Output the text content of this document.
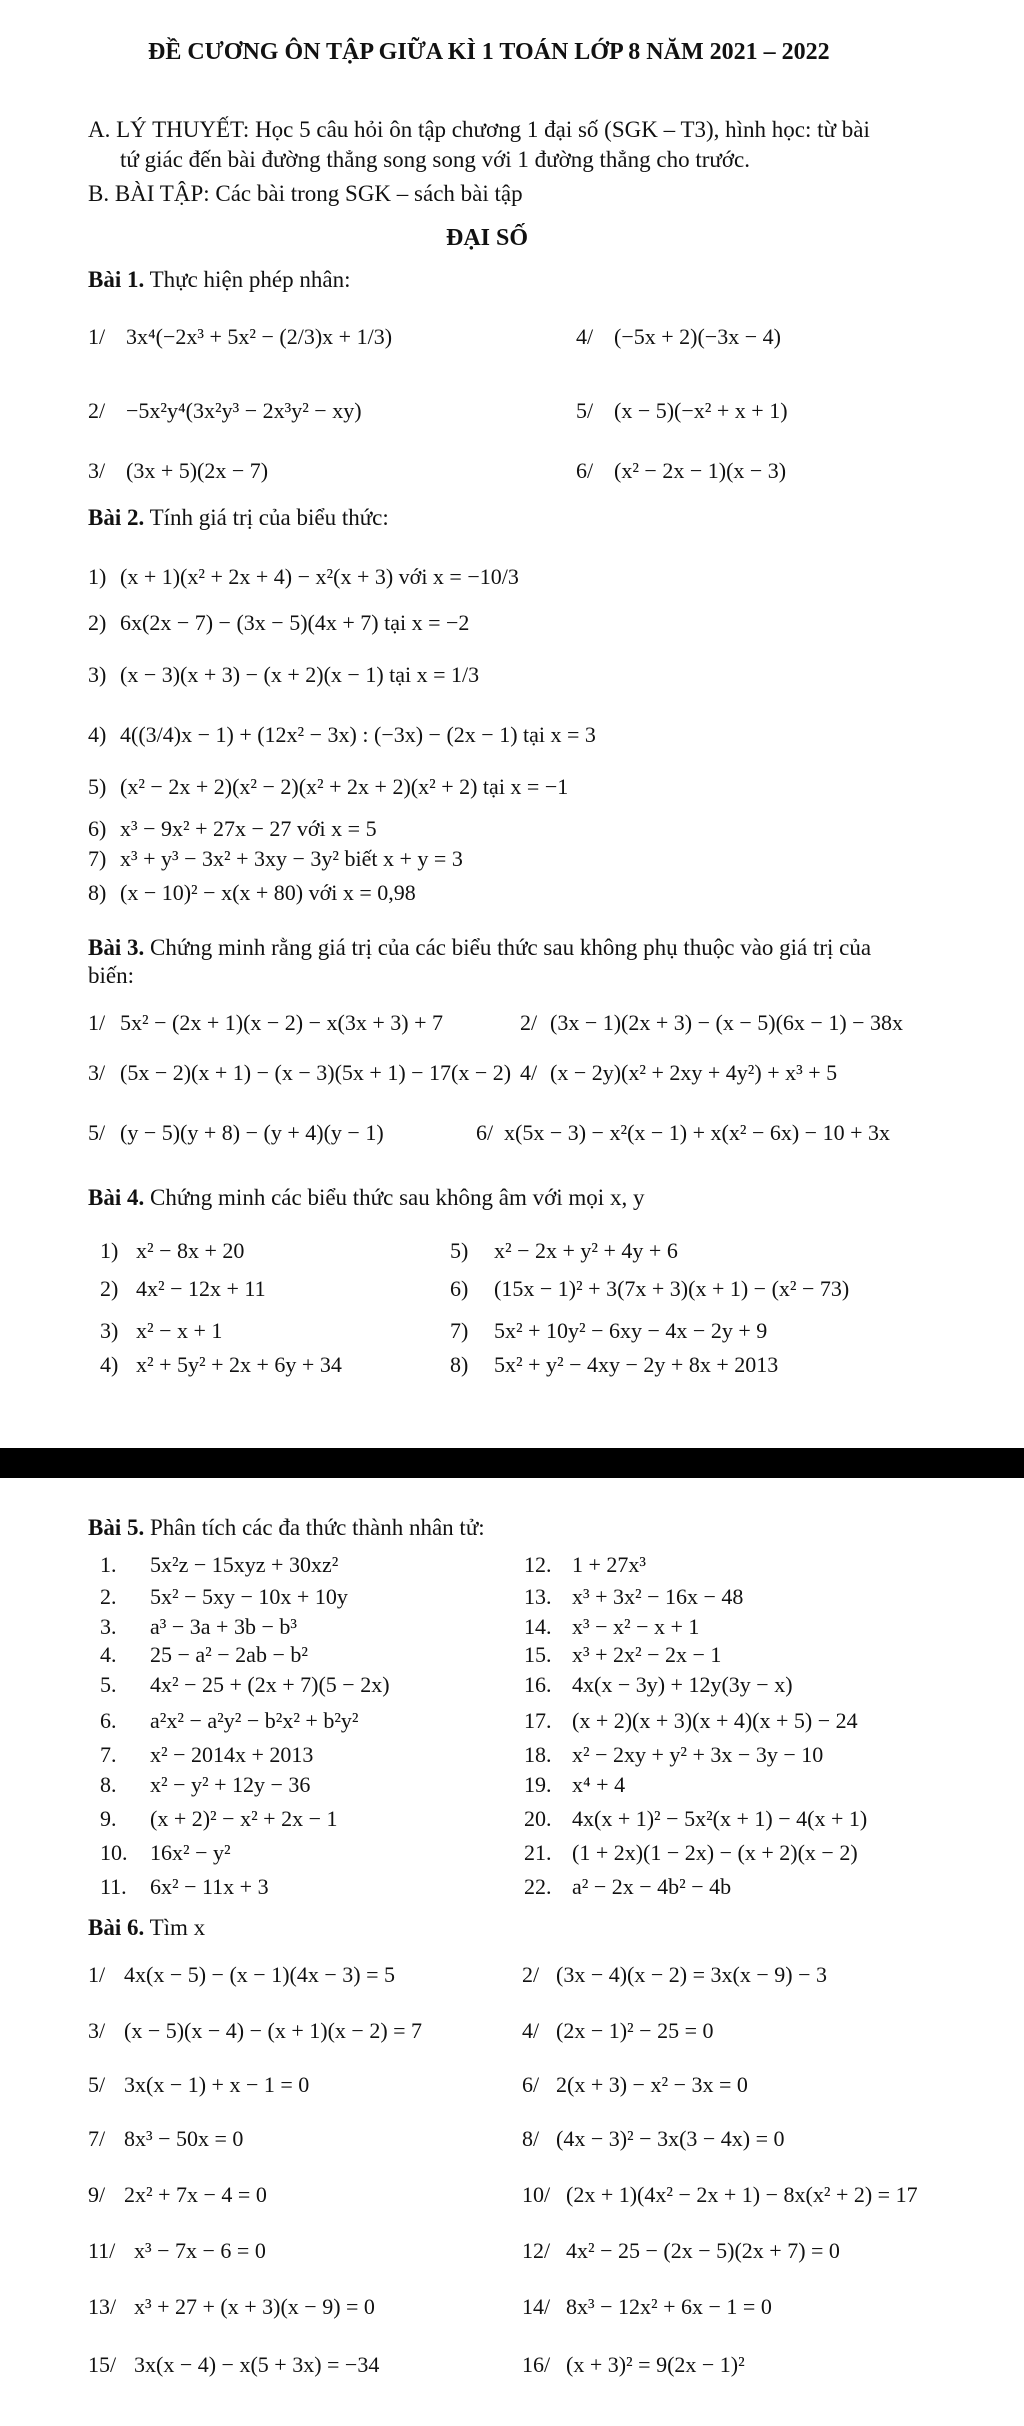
ĐỀ CƯƠNG ÔN TẬP GIỮA KÌ 1 TOÁN LỚP 8 NĂM 2021 – 2022
A. LÝ THUYẾT: Học 5 câu hỏi ôn tập chương 1 đại số (SGK – T3), hình học: từ bài
tứ giác đến bài đường thẳng song song với 1 đường thẳng cho trước.
B. BÀI TẬP: Các bài trong SGK – sách bài tập
ĐẠI SỐ
Bài 1. Thực hiện phép nhân:
1/ 3x⁴(−2x³ + 5x² − (2/3)x + 1/3)	4/ (−5x + 2)(−3x − 4)
2/ −5x²y⁴(3x²y³ − 2x³y² − xy)	5/ (x − 5)(−x² + x + 1)
3/ (3x + 5)(2x − 7)	6/ (x² − 2x − 1)(x − 3)
Bài 2. Tính giá trị của biểu thức:
1) (x + 1)(x² + 2x + 4) − x²(x + 3) với x = −10/3
2) 6x(2x − 7) − (3x − 5)(4x + 7) tại x = −2
3) (x − 3)(x + 3) − (x + 2)(x − 1) tại x = 1/3
4) 4((3/4)x − 1) + (12x² − 3x) : (−3x) − (2x − 1) tại x = 3
5) (x² − 2x + 2)(x² − 2)(x² + 2x + 2)(x² + 2) tại x = −1
6) x³ − 9x² + 27x − 27 với x = 5
7) x³ + y³ − 3x² + 3xy − 3y² biết x + y = 3
8) (x − 10)² − x(x + 80) với x = 0,98
Bài 3. Chứng minh rằng giá trị của các biểu thức sau không phụ thuộc vào giá trị của
biến:
1/ 5x² − (2x + 1)(x − 2) − x(3x + 3) + 7	2/ (3x − 1)(2x + 3) − (x − 5)(6x − 1) − 38x
3/ (5x − 2)(x + 1) − (x − 3)(5x + 1) − 17(x − 2) 4/ (x − 2y)(x² + 2xy + 4y²) + x³ + 5
5/ (y − 5)(y + 8) − (y + 4)(y − 1)	6/ x(5x − 3) − x²(x − 1) + x(x² − 6x) − 10 + 3x
Bài 4. Chứng minh các biểu thức sau không âm với mọi x, y
1) x² − 8x + 20	5) x² − 2x + y² + 4y + 6
2) 4x² − 12x + 11	6) (15x − 1)² + 3(7x + 3)(x + 1) − (x² − 73)
3) x² − x + 1	7) 5x² + 10y² − 6xy − 4x − 2y + 9
4) x² + 5y² + 2x + 6y + 34	8) 5x² + y² − 4xy − 2y + 8x + 2013
Bài 5. Phân tích các đa thức thành nhân tử:
1. 5x²z − 15xyz + 30xz²
2. 5x² − 5xy − 10x + 10y
3. a³ − 3a + 3b − b³
4. 25 − a² − 2ab − b²
5. 4x² − 25 + (2x + 7)(5 − 2x)
6. a²x² − a²y² − b²x² + b²y²
7. x² − 2014x + 2013
8. x² − y² + 12y − 36
9. (x + 2)² − x² + 2x − 1
10. 16x² − y²
11. 6x² − 11x + 3
12. 1 + 27x³
13. x³ + 3x² − 16x − 48
14. x³ − x² − x + 1
15. x³ + 2x² − 2x − 1
16. 4x(x − 3y) + 12y(3y − x)
17. (x + 2)(x + 3)(x + 4)(x + 5) − 24
18. x² − 2xy + y² + 3x − 3y − 10
19. x⁴ + 4
20. 4x(x + 1)² − 5x²(x + 1) − 4(x + 1)
21. (1 + 2x)(1 − 2x) − (x + 2)(x − 2)
22. a² − 2x − 4b² − 4b
Bài 6. Tìm x
1/ 4x(x − 5) − (x − 1)(4x − 3) = 5	2/ (3x − 4)(x − 2) = 3x(x − 9) − 3
3/ (x − 5)(x − 4) − (x + 1)(x − 2) = 7	4/ (2x − 1)² − 25 = 0
5/ 3x(x − 1) + x − 1 = 0	6/ 2(x + 3) − x² − 3x = 0
7/ 8x³ − 50x = 0	8/ (4x − 3)² − 3x(3 − 4x) = 0
9/ 2x² + 7x − 4 = 0	10/ (2x + 1)(4x² − 2x + 1) − 8x(x² + 2) = 17
11/ x³ − 7x − 6 = 0	12/ 4x² − 25 − (2x − 5)(2x + 7) = 0
13/ x³ + 27 + (x + 3)(x − 9) = 0	14/ 8x³ − 12x² + 6x − 1 = 0
15/ 3x(x − 4) − x(5 + 3x) = −34	16/ (x + 3)² = 9(2x − 1)²
